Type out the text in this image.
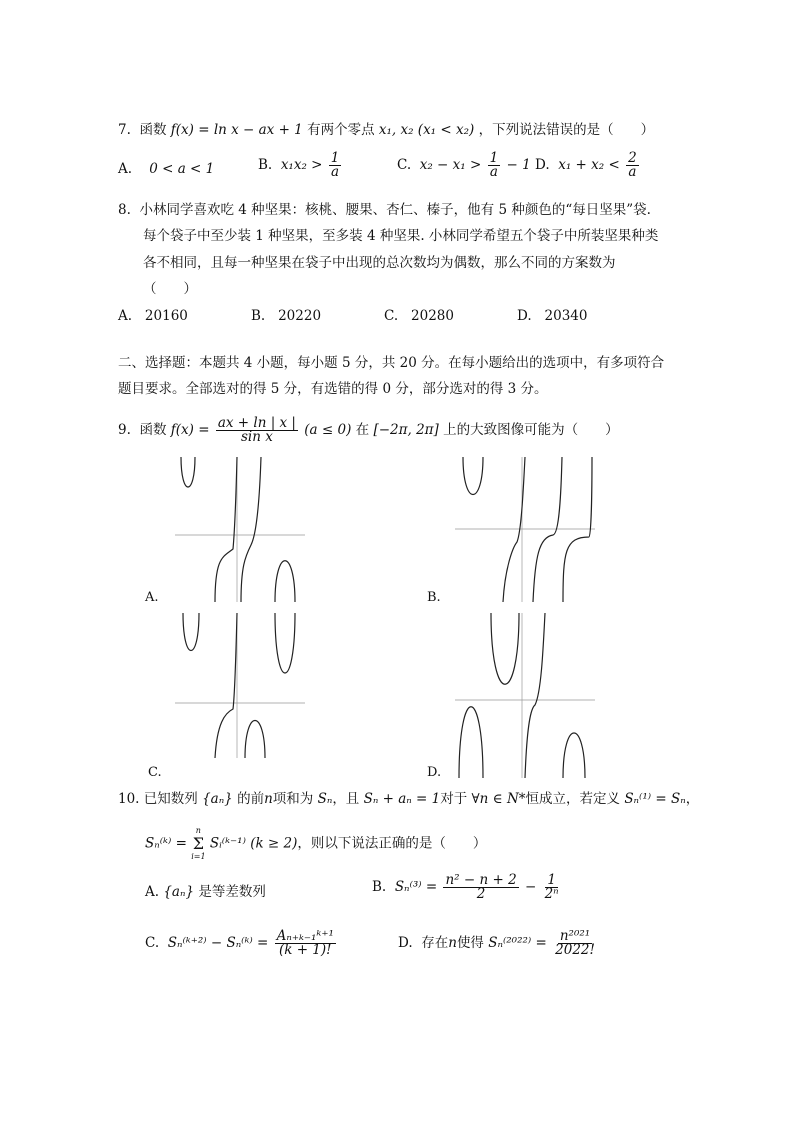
7. 函数 f(x) = ln x − ax + 1 有两个零点 x₁, x₂ (x₁ < x₂) ，下列说法错误的是（　　）
A. 0 < a < 1	B. $x_1x_2 > \frac{1}{a}$	C. $x_2 - x_1 > \frac{1}{a} - 1$ D. $x_1 + x_2 < \frac{2}{a}$
8. 小林同学喜欢吃 4 种坚果：核桃、腰果、杏仁、榛子，他有 5 种颜色的“每日坚果”袋.
每个袋子中至少装 1 种坚果，至多装 4 种坚果. 小林同学希望五个袋子中所装坚果种类
各不相同，且每一种坚果在袋子中出现的总次数均为偶数，那么不同的方案数为
（　　）
A. 20160	B. 20220	C. 20280	D. 20340
二、选择题：本题共 4 小题，每小题 5 分，共 20 分。在每小题给出的选项中，有多项符合
题目要求。全部选对的得 5 分，有选错的得 0 分，部分选对的得 3 分。
9. 函数 $f(x) = \frac{ax + \ln | x |}{\text{sin x}} (a \le 0)$ 在 [−2π, 2π] 上的大致图像可能为（　　）
A.	B.
C.	D.
10. 已知数列 {aₙ} 的前n项和为 Sₙ，且 Sₙ + aₙ = 1对于 ∀n ∈ N*恒成立，若定义 Sₙ⁽¹⁾ = Sₙ，
Sₙ⁽ᵏ⁾ =
n
Σ
i=1
Sᵢ⁽ᵏ⁻¹⁾ (k ≥ 2)，则以下说法正确的是（　　）
A. {aₙ} 是等差数列	B. $S_n^{(3)} = \frac{\text{n² − n + 2}}{2} - \frac{1}{\text{2ⁿ}}$
C. Sₙ⁽ᵏ⁺²⁾ − Sₙ⁽ᵏ⁾ = $\frac{\text{Aₙ₊ₖ₋₁ᵏ⁺¹}}{(k + 1)!}$	D. 存在n使得 $S_n^{(2022)} = \frac{\text{n²⁰²¹}}{2022!}$
